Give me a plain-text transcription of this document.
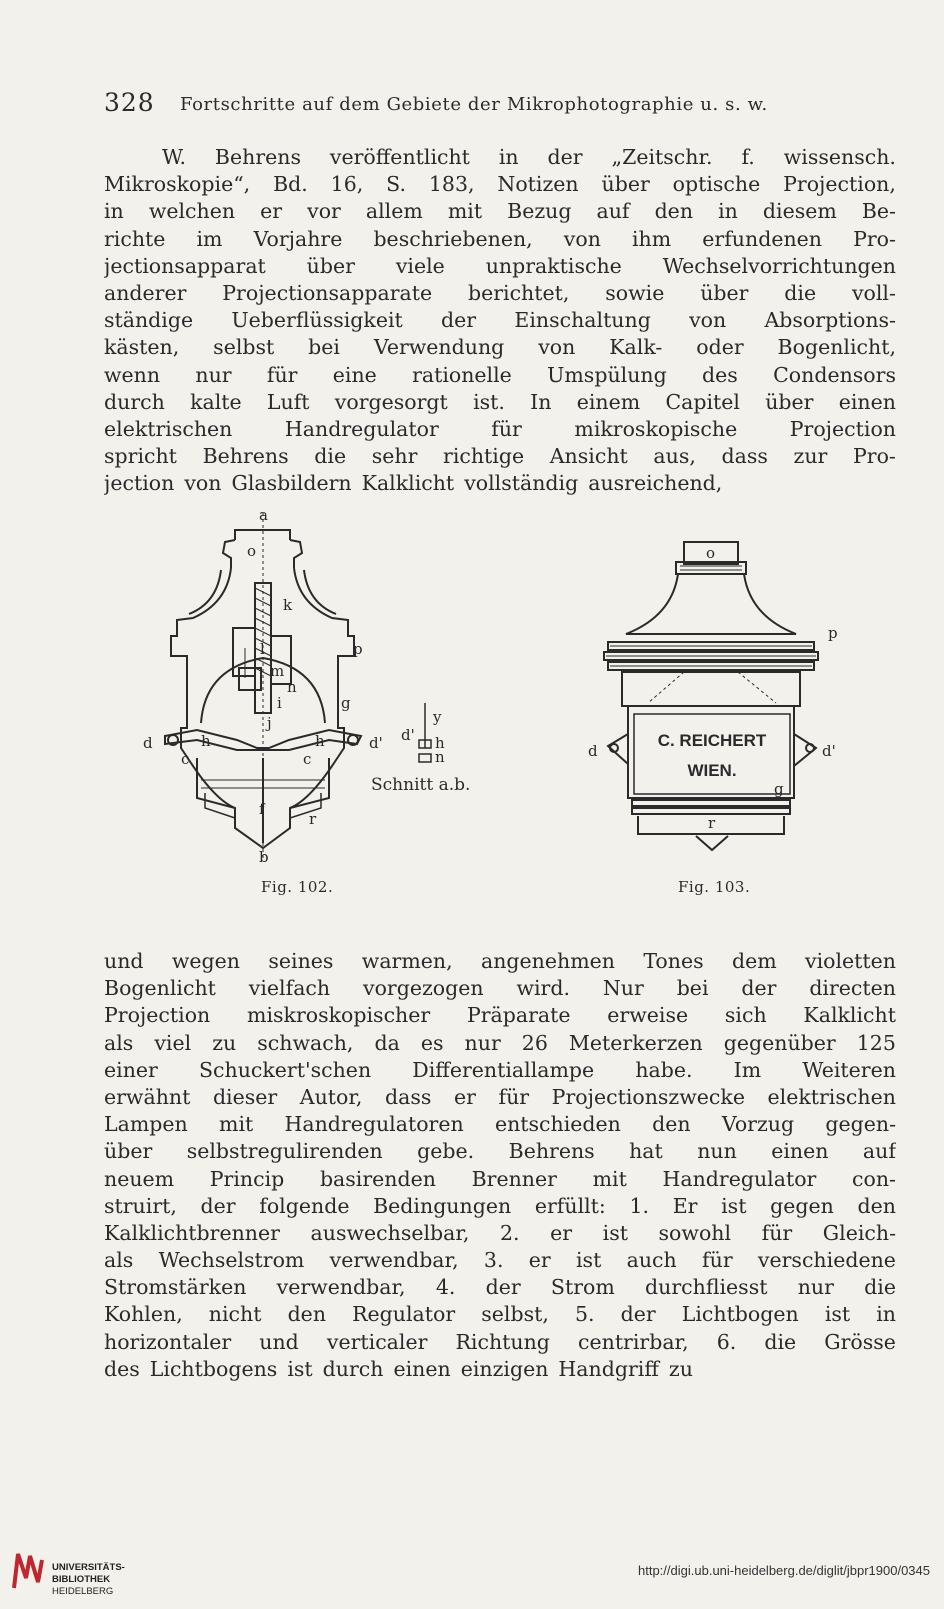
328 Fortschritte auf dem Gebiete der Mikrophotographie u. s. w.
W. Behrens veröffentlicht in der „Zeitschr. f. wissensch.
Mikroskopie“, Bd. 16, S. 183, Notizen über optische Projection,
in welchen er vor allem mit Bezug auf den in diesem Be-
richte im Vorjahre beschriebenen, von ihm erfundenen Pro-
jectionsapparat über viele unpraktische Wechselvorrichtungen
anderer Projectionsapparate berichtet, sowie über die voll-
ständige Ueberflüssigkeit der Einschaltung von Absorptions-
kästen, selbst bei Verwendung von Kalk- oder Bogenlicht,
wenn nur für eine rationelle Umspülung des Condensors
durch kalte Luft vorgesorgt ist. In einem Capitel über einen
elektrischen	Handregulator	für	mikroskopische	Projection
spricht Behrens die sehr richtige Ansicht aus, dass zur Pro-
jection von Glasbildern Kalklicht vollständig ausreichend,
a
o
k
l
m
n
i
j
g
p
d	d'
h	h
c	c
f
r
b
y
d' h
n
Schnitt a.b.
Fig. 102.
o
p
d	d'
g
r
C. REICHERT
WIEN.
Fig. 103.
und wegen seines warmen, angenehmen Tones dem violetten
Bogenlicht vielfach vorgezogen wird. Nur bei der directen
Projection miskroskopischer Präparate erweise sich Kalklicht
als viel zu schwach, da es nur 26 Meterkerzen gegenüber 125
einer Schuckert'schen Differentiallampe habe. Im Weiteren
erwähnt dieser Autor, dass er für Projectionszwecke elektrischen
Lampen mit Handregulatoren entschieden den Vorzug gegen-
über selbstregulirenden gebe. Behrens hat nun einen auf
neuem Princip basirenden Brenner mit Handregulator con-
struirt, der folgende Bedingungen erfüllt: 1. Er ist gegen den
Kalklichtbrenner auswechselbar, 2. er ist sowohl für Gleich-
als Wechselstrom verwendbar, 3. er ist auch für verschiedene
Stromstärken verwendbar, 4. der Strom durchfliesst nur die
Kohlen, nicht den Regulator selbst, 5. der Lichtbogen ist in
horizontaler und verticaler Richtung centrirbar, 6. die Grösse
des Lichtbogens ist durch einen einzigen Handgriff zu
UNIVERSITÄTS-
BIBLIOTHEK
HEIDELBERG
http://digi.ub.uni-heidelberg.de/diglit/jbpr1900/0345
